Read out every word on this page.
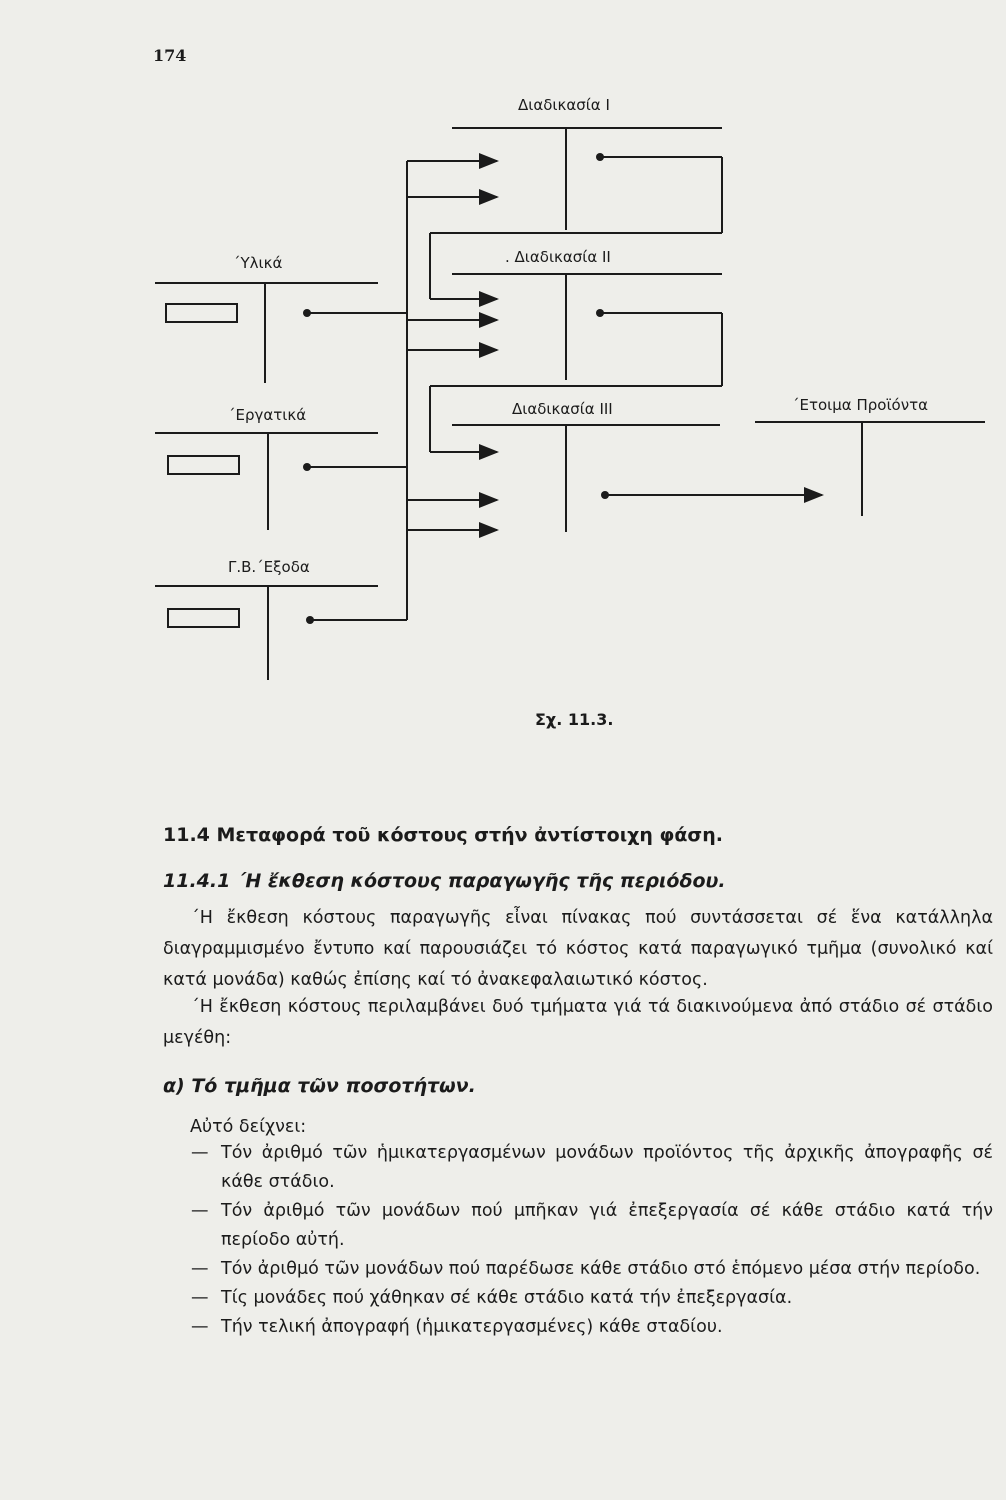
174
Διαδικασία Ι
. Διαδικασία ΙΙ
Διαδικασία ΙΙΙ	΄Ετοιμα Προϊόντα
΄Υλικά
΄Εργατικά
Γ.Β.΄Εξοδα
Σχ. 11.3.
11.4 Μεταφορά τοῦ κόστους στήν ἀντίστοιχη φάση.
11.4.1 ΄Η ἔκθεση κόστους παραγωγῆς τῆς περιόδου.

΄Η ἔκθεση κόστους παραγωγῆς εἶναι πίνακας πού συντάσσεται σέ ἕνα κατάλληλα διαγραμμισμένο ἔντυπο καί παρουσιάζει τό κόστος κατά παραγωγικό τμῆμα (συνολικό καί κατά μονάδα) καθώς ἐπίσης καί τό ἀνακεφαλαιωτικό κόστος.

΄Η ἔκθεση κόστους περιλαμβάνει δυό τμήματα γιά τά διακινούμενα ἀπό στάδιο σέ στάδιο μεγέθη:

α) Τό τμῆμα τῶν ποσοτήτων.

Αὐτό δείχνει:

— Τόν ἀριθμό τῶν ἡμικατεργασμένων μονάδων προϊόντος τῆς ἀρχικῆς ἀπογραφῆς σέ κάθε στάδιο.
— Τόν ἀριθμό τῶν μονάδων πού μπῆκαν γιά ἐπεξεργασία σέ κάθε στάδιο κατά τήν περίοδο αὐτή.
— Τόν ἀριθμό τῶν μονάδων πού παρέδωσε κάθε στάδιο στό ἑπόμενο μέσα στήν περίοδο.
— Τίς μονάδες πού χάθηκαν σέ κάθε στάδιο κατά τήν ἐπεξεργασία.
— Τήν τελική ἀπογραφή (ἡμικατεργασμένες) κάθε σταδίου.
